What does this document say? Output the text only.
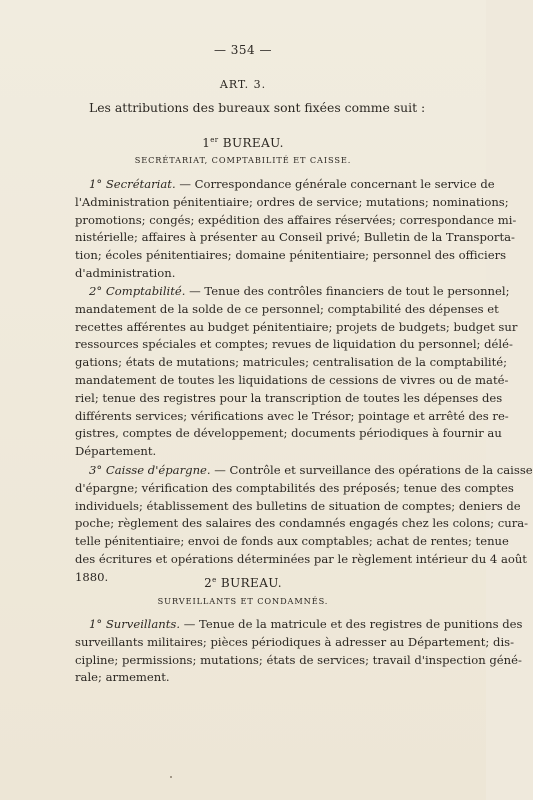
— 354 —
ART. 3.
Les attributions des bureaux sont fixées comme suit :
1er BUREAU.
SECRÉTARIAT, COMPTABILITÉ ET CAISSE.
1° Secrétariat. — Correspondance générale concernant le service de
l'Administration pénitentiaire; ordres de service; mutations; nominations;
promotions; congés; expédition des affaires réservées; correspondance mi-
nistérielle; affaires à présenter au Conseil privé; Bulletin de la Transporta-
tion; écoles pénitentiaires; domaine pénitentiaire; personnel des officiers
d'administration.
2° Comptabilité. — Tenue des contrôles financiers de tout le personnel;
mandatement de la solde de ce personnel; comptabilité des dépenses et
recettes afférentes au budget pénitentiaire; projets de budgets; budget sur
ressources spéciales et comptes; revues de liquidation du personnel; délé-
gations; états de mutations; matricules; centralisation de la comptabilité;
mandatement de toutes les liquidations de cessions de vivres ou de maté-
riel; tenue des registres pour la transcription de toutes les dépenses des
différents services; vérifications avec le Trésor; pointage et arrêté des re-
gistres, comptes de développement; documents périodiques à fournir au
Département.
3° Caisse d'épargne. — Contrôle et surveillance des opérations de la caisse
d'épargne; vérification des comptabilités des préposés; tenue des comptes
individuels; établissement des bulletins de situation de comptes; deniers de
poche; règlement des salaires des condamnés engagés chez les colons; cura-
telle pénitentiaire; envoi de fonds aux comptables; achat de rentes; tenue
des écritures et opérations déterminées par le règlement intérieur du 4 août
1880.	2e BUREAU.
SURVEILLANTS ET CONDAMNÉS.
1° Surveillants. — Tenue de la matricule et des registres de punitions des
surveillants militaires; pièces périodiques à adresser au Département; dis-
cipline; permissions; mutations; états de services; travail d'inspection géné-
rale; armement.
